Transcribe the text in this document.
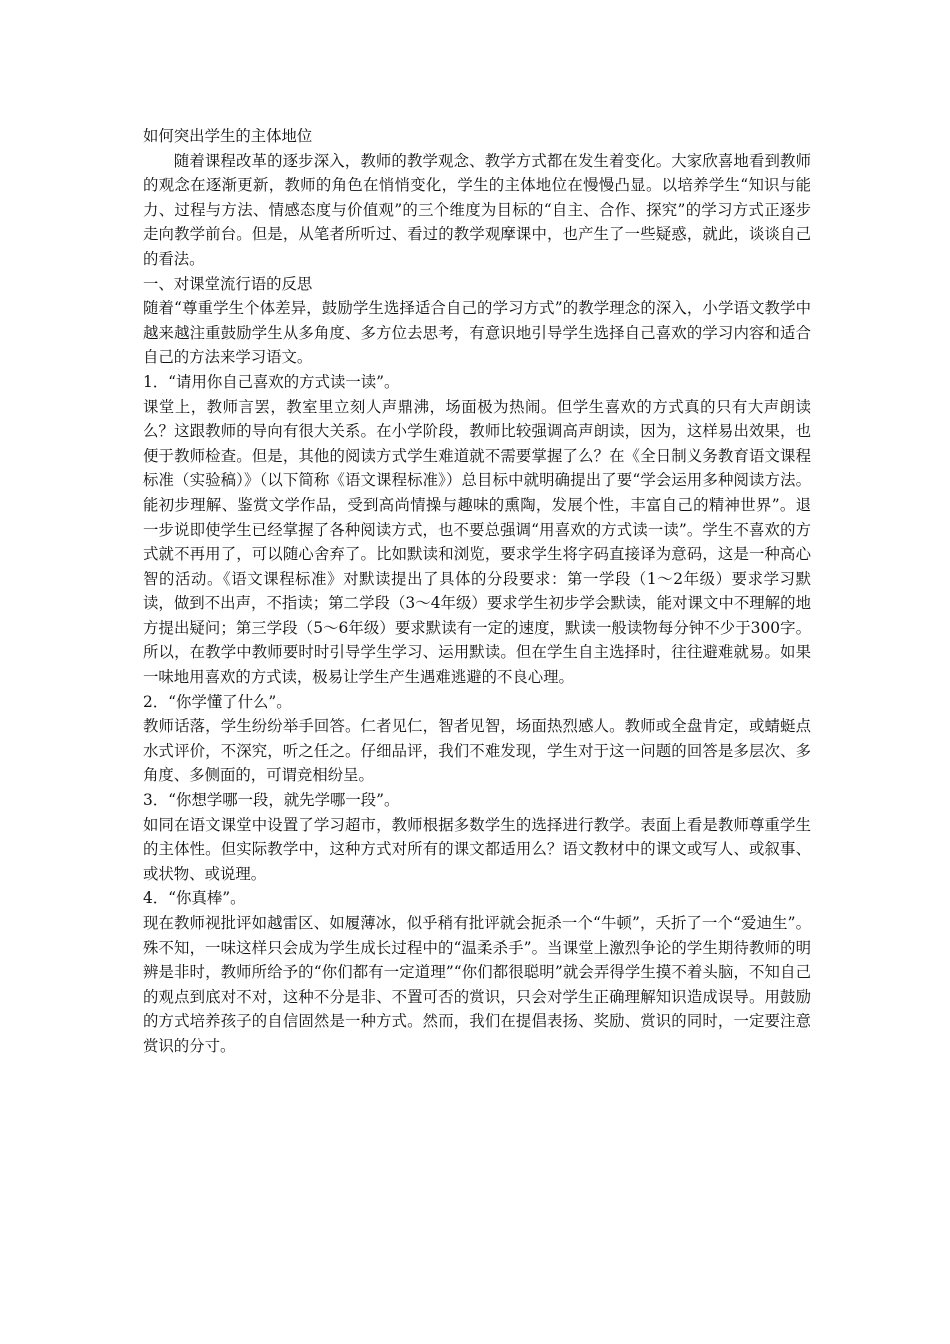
如何突出学生的主体地位

随着课程改革的逐步深入，教师的教学观念、教学方式都在发生着变化。大家欣喜地看到教师的观念在逐渐更新，教师的角色在悄悄变化，学生的主体地位在慢慢凸显。以培养学生“知识与能力、过程与方法、情感态度与价值观”的三个维度为目标的“自主、合作、探究”的学习方式正逐步走向教学前台。但是，从笔者所听过、看过的教学观摩课中，也产生了一些疑惑，就此，谈谈自己的看法。

一、对课堂流行语的反思

随着“尊重学生个体差异，鼓励学生选择适合自己的学习方式”的教学理念的深入，小学语文教学中越来越注重鼓励学生从多角度、多方位去思考，有意识地引导学生选择自己喜欢的学习内容和适合自己的方法来学习语文。

1．“请用你自己喜欢的方式读一读”。

课堂上，教师言罢，教室里立刻人声鼎沸，场面极为热闹。但学生喜欢的方式真的只有大声朗读么？这跟教师的导向有很大关系。在小学阶段，教师比较强调高声朗读，因为，这样易出效果，也便于教师检查。但是，其他的阅读方式学生难道就不需要掌握了么？在《全日制义务教育语文课程标准（实验稿）》（以下简称《语文课程标准》）总目标中就明确提出了要“学会运用多种阅读方法。能初步理解、鉴赏文学作品，受到高尚情操与趣味的熏陶，发展个性，丰富自己的精神世界”。退一步说即使学生已经掌握了各种阅读方式，也不要总强调“用喜欢的方式读一读”。学生不喜欢的方式就不再用了，可以随心舍弃了。比如默读和浏览，要求学生将字码直接译为意码，这是一种高心智的活动。《语文课程标准》对默读提出了具体的分段要求：第一学段（1～2年级）要求学习默读，做到不出声，不指读；第二学段（3～4年级）要求学生初步学会默读，能对课文中不理解的地方提出疑问；第三学段（5～6年级）要求默读有一定的速度，默读一般读物每分钟不少于300字。所以，在教学中教师要时时引导学生学习、运用默读。但在学生自主选择时，往往避难就易。如果一味地用喜欢的方式读，极易让学生产生遇难逃避的不良心理。

2．“你学懂了什么”。

教师话落，学生纷纷举手回答。仁者见仁，智者见智，场面热烈感人。教师或全盘肯定，或蜻蜓点水式评价，不深究，听之任之。仔细品评，我们不难发现，学生对于这一问题的回答是多层次、多角度、多侧面的，可谓竞相纷呈。

3．“你想学哪一段，就先学哪一段”。

如同在语文课堂中设置了学习超市，教师根据多数学生的选择进行教学。表面上看是教师尊重学生的主体性。但实际教学中，这种方式对所有的课文都适用么？语文教材中的课文或写人、或叙事、或状物、或说理。

4．“你真棒”。

现在教师视批评如越雷区、如履薄冰，似乎稍有批评就会扼杀一个“牛顿”，夭折了一个“爱迪生”。殊不知，一味这样只会成为学生成长过程中的“温柔杀手”。当课堂上激烈争论的学生期待教师的明辨是非时，教师所给予的“你们都有一定道理”“你们都很聪明”就会弄得学生摸不着头脑，不知自己的观点到底对不对，这种不分是非、不置可否的赏识，只会对学生正确理解知识造成误导。用鼓励的方式培养孩子的自信固然是一种方式。然而，我们在提倡表扬、奖励、赏识的同时，一定要注意赏识的分寸。
